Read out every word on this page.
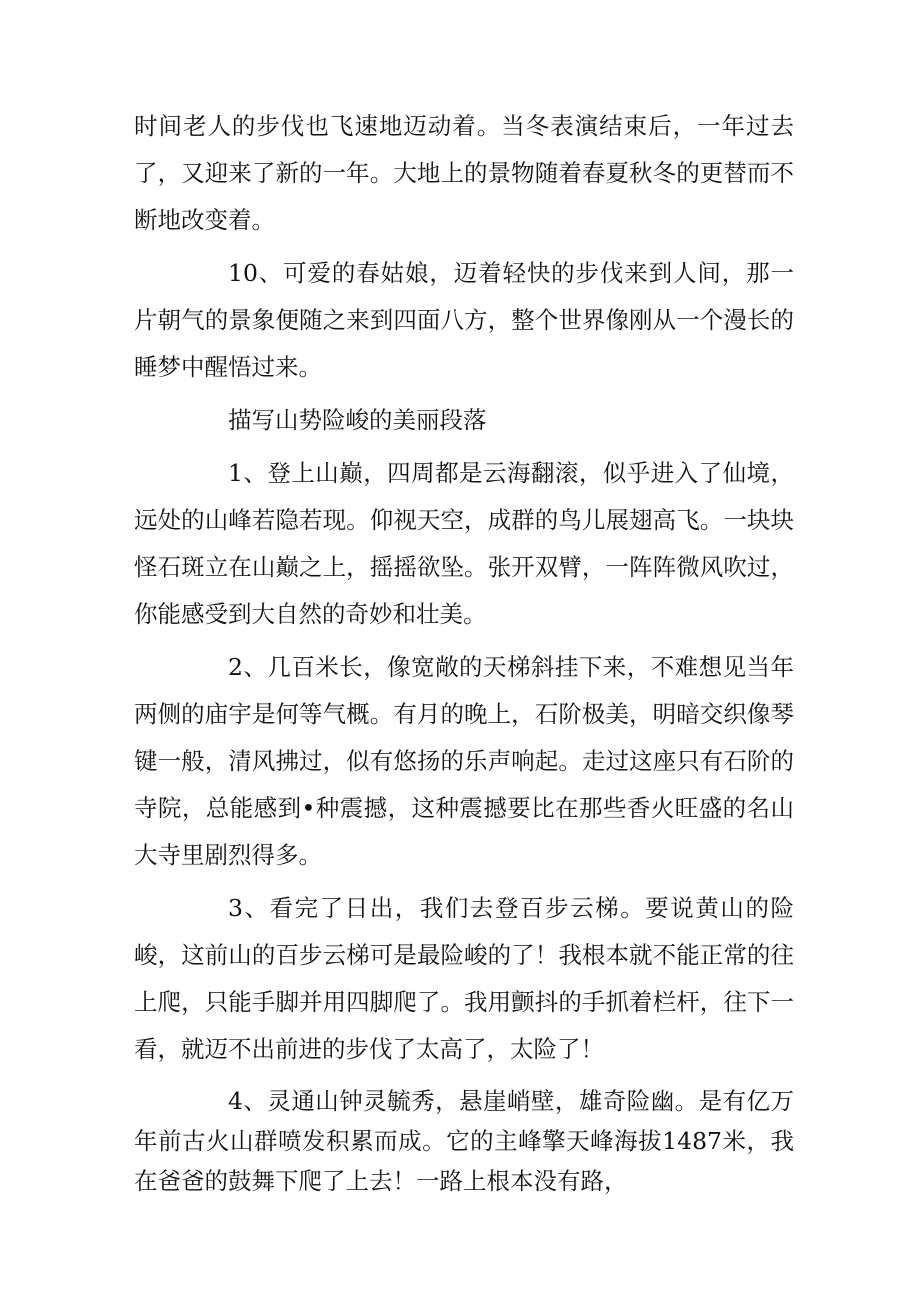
时间老人的步伐也飞速地迈动着。当冬表演结束后，一年过去了，又迎来了新的一年。大地上的景物随着春夏秋冬的更替而不断地改变着。

10、可爱的春姑娘，迈着轻快的步伐来到人间，那一片朝气的景象便随之来到四面八方，整个世界像刚从一个漫长的睡梦中醒悟过来。

描写山势险峻的美丽段落

1、登上山巅，四周都是云海翻滚，似乎进入了仙境，远处的山峰若隐若现。仰视天空，成群的鸟儿展翅高飞。一块块怪石斑立在山巅之上，摇摇欲坠。张开双臂，一阵阵微风吹过，你能感受到大自然的奇妙和壮美。

2、几百米长，像宽敞的天梯斜挂下来，不难想见当年两侧的庙宇是何等气概。有月的晚上，石阶极美，明暗交织像琴键一般，清风拂过，似有悠扬的乐声响起。走过这座只有石阶的寺院，总能感到•种震撼，这种震撼要比在那些香火旺盛的名山大寺里剧烈得多。

3、看完了日出，我们去登百步云梯。要说黄山的险峻，这前山的百步云梯可是最险峻的了！我根本就不能正常的往上爬，只能手脚并用四脚爬了。我用颤抖的手抓着栏杆，往下一看，就迈不出前进的步伐了太高了，太险了！

4、灵通山钟灵毓秀，悬崖峭壁，雄奇险幽。是有亿万年前古火山群喷发积累而成。它的主峰擎天峰海拔1487米，我在爸爸的鼓舞下爬了上去！一路上根本没有路，
